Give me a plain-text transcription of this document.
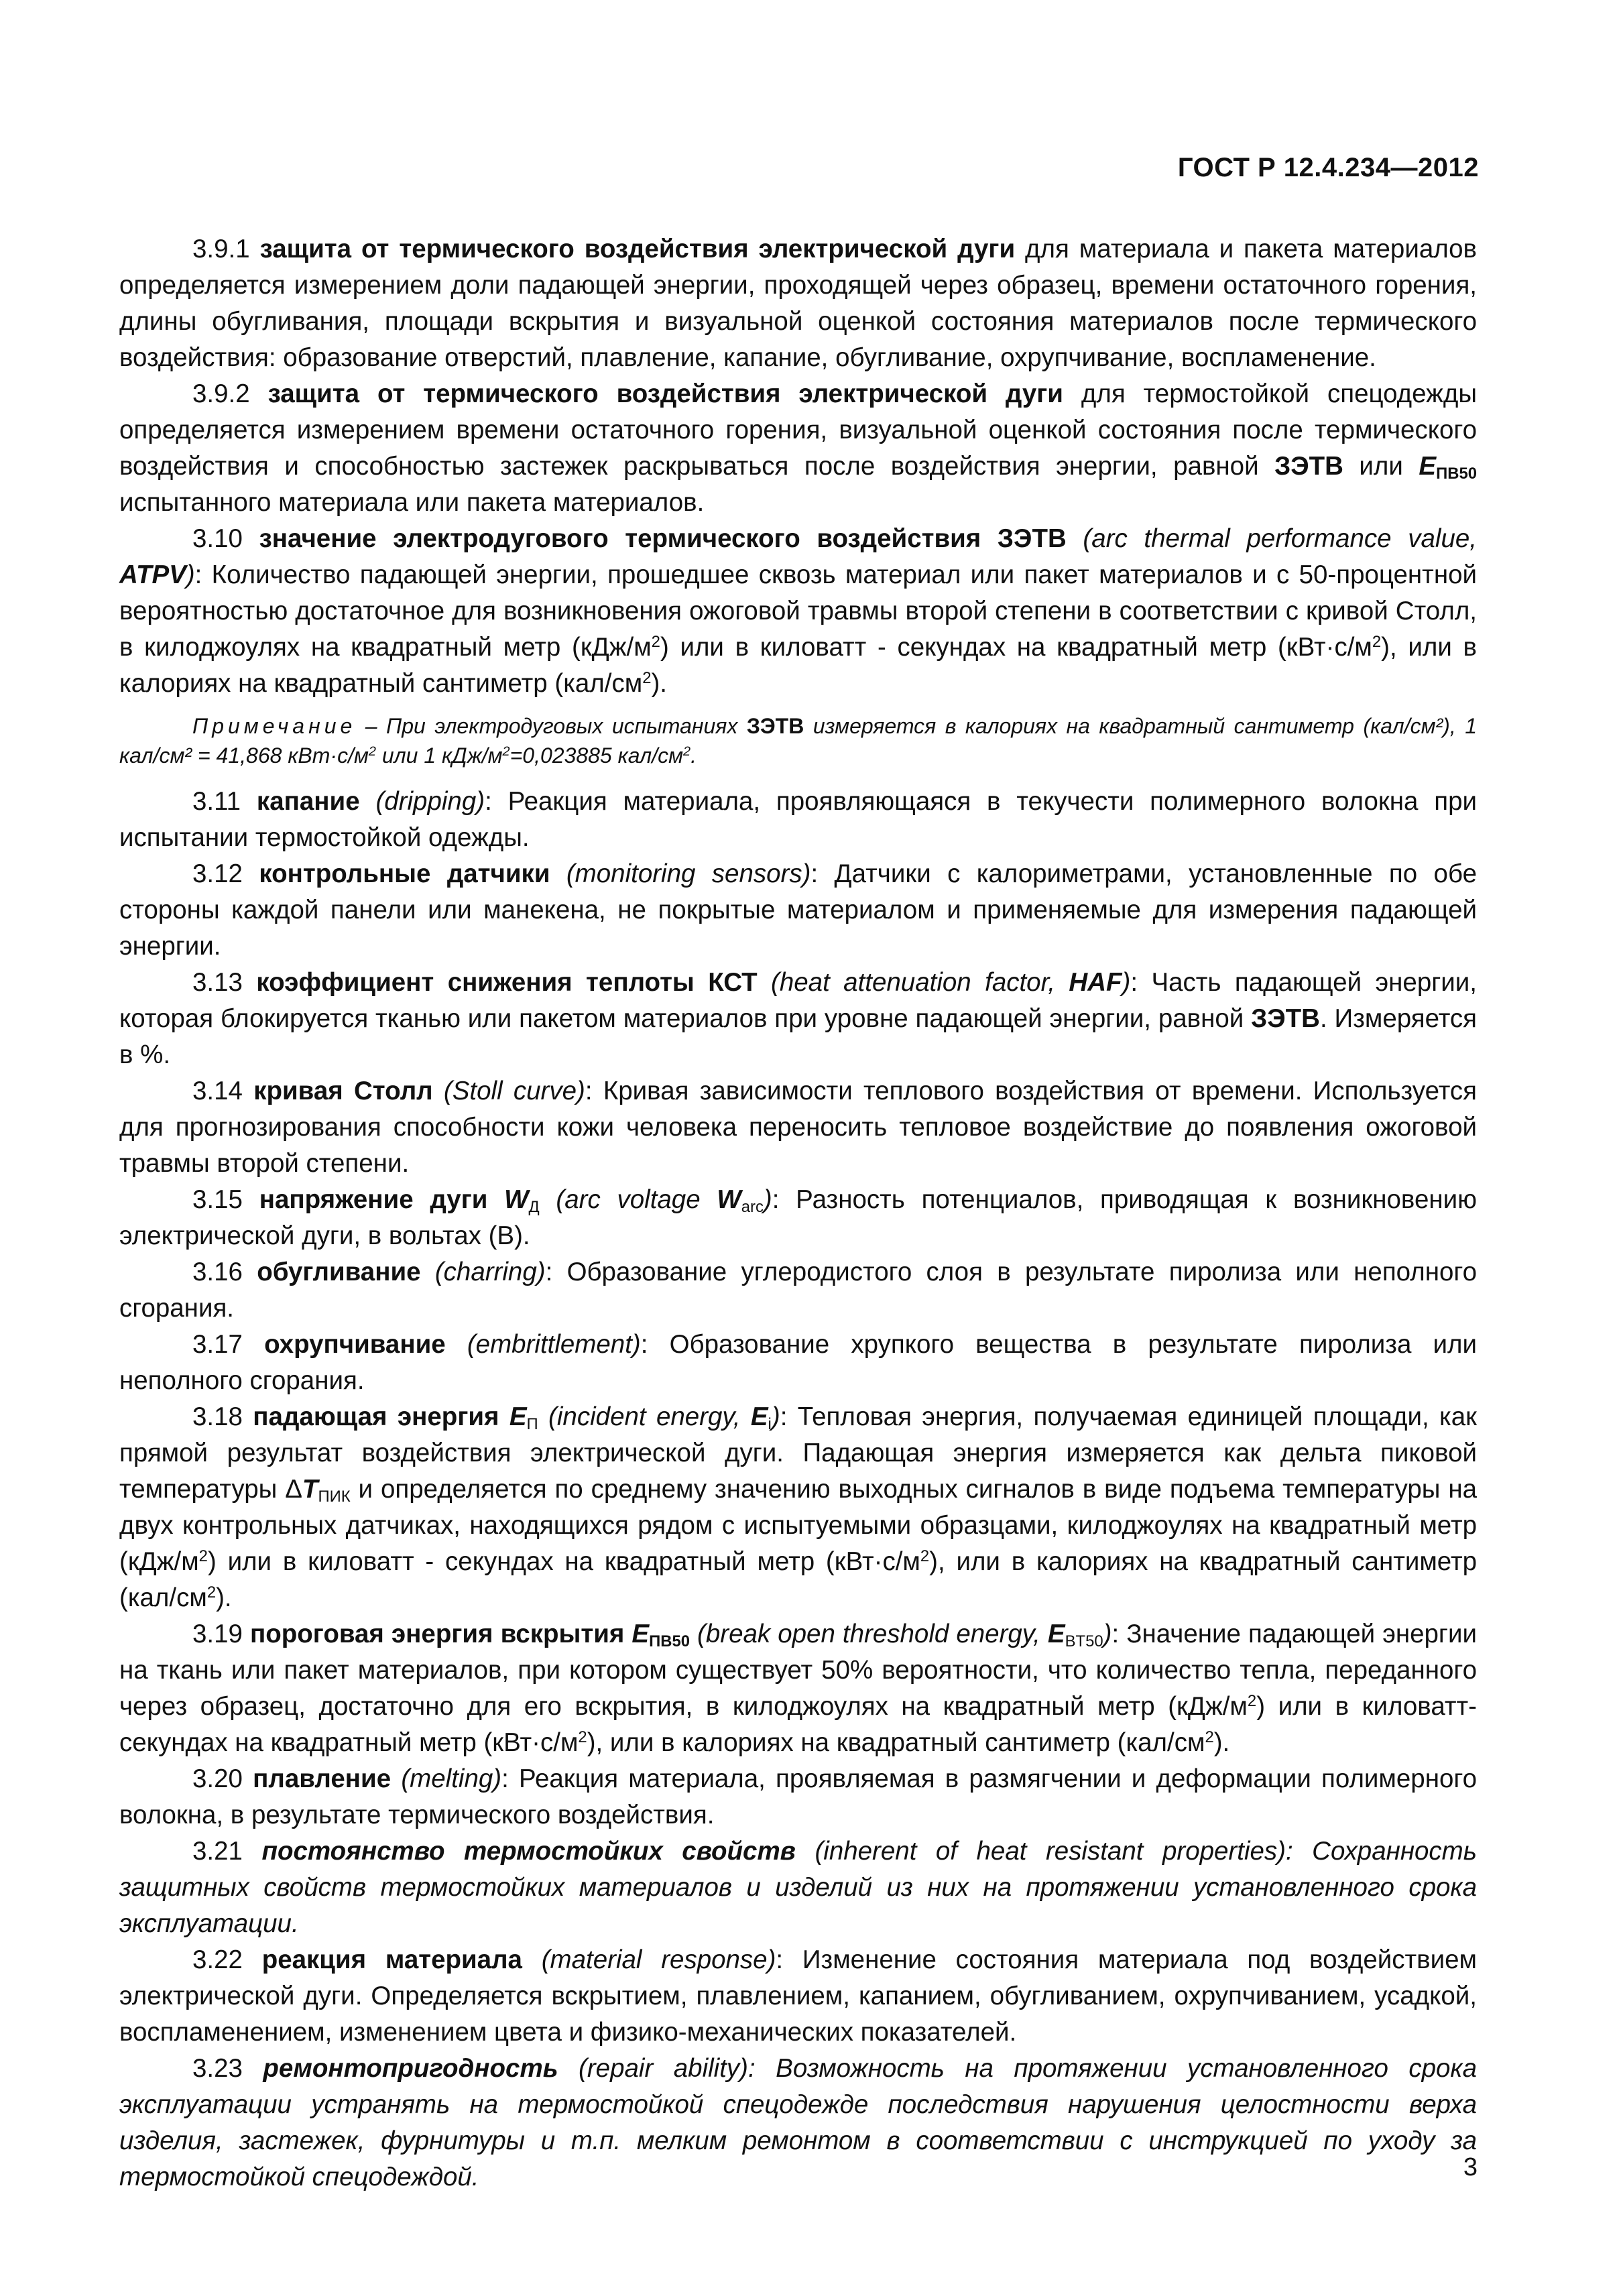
ГОСТ Р 12.4.234—2012

3.9.1 защита от термического воздействия электрической дуги для материала и пакета материалов определяется измерением доли падающей энергии, проходящей через образец, времени остаточного горения, длины обугливания, площади вскрытия и визуальной оценкой состояния материалов после термического воздействия: образование отверстий, плавление, капание, обугливание, охрупчивание, воспламенение.

3.9.2 защита от термического воздействия электрической дуги для термостойкой спецодежды определяется измерением времени остаточного горения, визуальной оценкой состояния после термического воздействия и способностью застежек раскрываться после воздействия энергии, равной ЗЭТВ или $E_{ПВ50}$ испытанного материала или пакета материалов.

3.10 значение электродугового термического воздействия ЗЭТВ (arc thermal performance value, ATPV): Количество падающей энергии, прошедшее сквозь материал или пакет материалов и с 50-процентной вероятностью достаточное для возникновения ожоговой травмы второй степени в соответствии с кривой Столл, в килоджоулях на квадратный метр $(кДж/м^2)$ или в киловатт - секундах на квадратный метр $(кВт\cdot с/м^2)$, или в калориях на квадратный сантиметр $(кал/см^2)$.

Примечание – При электродуговых испытаниях ЗЭТВ измеряется в калориях на квадратный сантиметр (кал/см²), 1 кал/см² = 41,868 $кВт\cdot с/м^2$ или 1 кДж/$м^2=0,023885$ кал/$см^2$.

3.11 капание (dripping): Реакция материала, проявляющаяся в текучести полимерного волокна при испытании термостойкой одежды.

3.12 контрольные датчики (monitoring sensors): Датчики с калориметрами, установленные по обе стороны каждой панели или манекена, не покрытые материалом и применяемые для измерения падающей энергии.

3.13 коэффициент снижения теплоты КСТ (heat attenuation factor, HAF): Часть падающей энергии, которая блокируется тканью или пакетом материалов при уровне падающей энергии, равной ЗЭТВ. Измеряется в %.

3.14 кривая Столл (Stoll curve): Кривая зависимости теплового воздействия от времени. Используется для прогнозирования способности кожи человека переносить тепловое воздействие до появления ожоговой травмы второй степени.

3.15 напряжение дуги $W_Д$ (arc voltage $W_{arc}$): Разность потенциалов, приводящая к возникновению электрической дуги, в вольтах (В).

3.16 обугливание (charring): Образование углеродистого слоя в результате пиролиза или неполного сгорания.

3.17 охрупчивание (embrittlement): Образование хрупкого вещества в результате пиролиза или неполного сгорания.

3.18 падающая энергия $E_П$ (incident energy, $E_i$): Тепловая энергия, получаемая единицей площади, как прямой результат воздействия электрической дуги. Падающая энергия измеряется как дельта пиковой температуры $\Delta T_{ПИК}$ и определяется по среднему значению выходных сигналов в виде подъема температуры на двух контрольных датчиках, находящихся рядом с испытуемыми образцами, килоджоулях на квадратный метр $(кДж/м^2)$ или в киловатт - секундах на квадратный метр $(кВт\cdot с/м^2)$, или в калориях на квадратный сантиметр $(кал/см^2)$.

3.19 пороговая энергия вскрытия $E_{ПВ50}$ (break open threshold energy, $E_{BT50}$): Значение падающей энергии на ткань или пакет материалов, при котором существует 50% вероятности, что количество тепла, переданного через образец, достаточно для его вскрытия, в килоджоулях на квадратный метр $(кДж/м^2)$ или в киловатт-секундах на квадратный метр $(кВт\cdot с/м^2)$, или в калориях на квадратный сантиметр $(кал/см^2)$.

3.20 плавление (melting): Реакция материала, проявляемая в размягчении и деформации полимерного волокна, в результате термического воздействия.

3.21 постоянство термостойких свойств (inherent of heat resistant properties): Сохранность защитных свойств термостойких материалов и изделий из них на протяжении установленного срока эксплуатации.

3.22 реакция материала (material response): Изменение состояния материала под воздействием электрической дуги. Определяется вскрытием, плавлением, капанием, обугливанием, охрупчиванием, усадкой, воспламенением, изменением цвета и физико-механических показателей.

3.23 ремонтопригодность (repair ability): Возможность на протяжении установленного срока эксплуатации устранять на термостойкой спецодежде последствия нарушения целостности верха изделия, застежек, фурнитуры и т.п. мелким ремонтом в соответствии с инструкцией по уходу за термостойкой спецодеждой.	3
